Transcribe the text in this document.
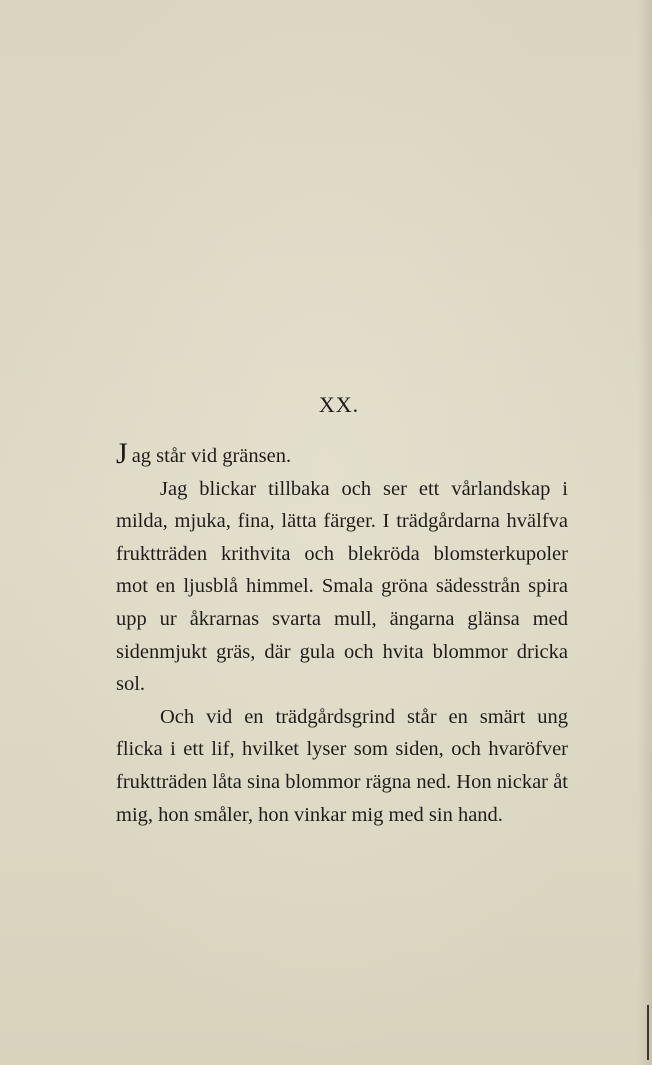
XX.

J ag står vid gränsen.

Jag blickar tillbaka och ser ett vårlandskap i milda, mjuka, fina, lätta färger. I trädgårdarna hvälfva fruktträden krithvita och blekröda blomsterkupoler mot en ljusblå himmel. Smala gröna sädesstrån spira upp ur åkrarnas svarta mull, ängarna glänsa med sidenmjukt gräs, där gula och hvita blommor dricka sol.

Och vid en trädgårdsgrind står en smärt ung flicka i ett lif, hvilket lyser som siden, och hvaröfver fruktträden låta sina blommor rägna ned. Hon nickar åt mig, hon småler, hon vinkar mig med sin hand.
